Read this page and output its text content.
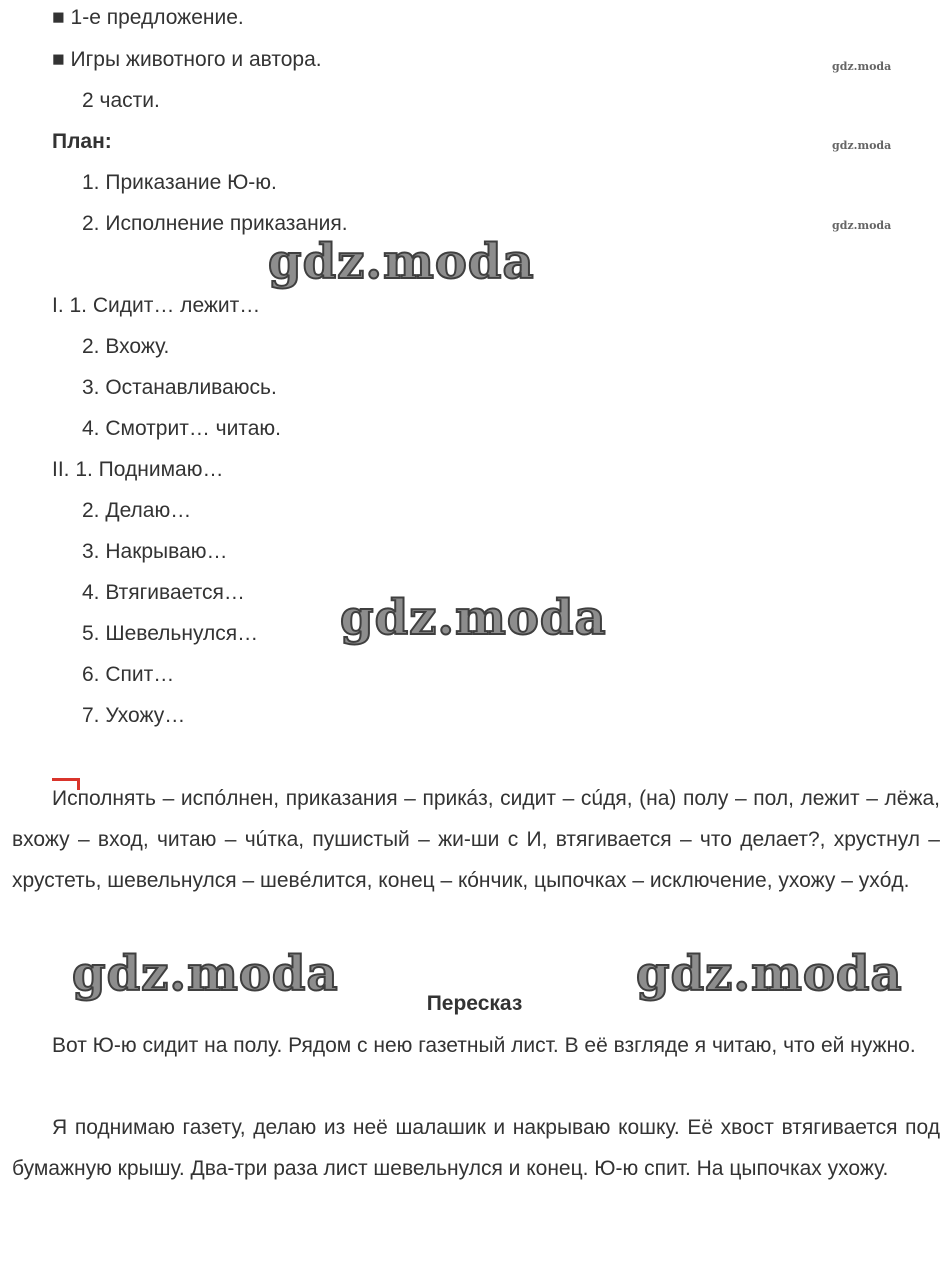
■ 1-е предложение.
■ Игры животного и автора.
2 части.
План:
1. Приказание Ю-ю.
2. Исполнение приказания.
I. 1. Сидит… лежит…
2. Вхожу.
3. Останавливаюсь.
4. Смотрит… читаю.
II. 1. Поднимаю…
2. Делаю…
3. Накрываю…
4. Втягивается…
5. Шевельнулся…
6. Спит…
7. Ухожу…
Исполнять – испóлнен, приказания – прикáз, сидит – сúдя, (на) полу – пол, лежит – лёжа, вхожу – вход, читаю – чúтка, пушистый – жи-ши с И, втягивается – что делает?, хрустнул – хрустеть, шевельнулся – шевéлится, конец – кóнчик, цыпочках – исключение, ухожу – ухóд.
Пересказ
Вот Ю-ю сидит на полу. Рядом с нею газетный лист. В её взгляде я читаю, что ей нужно.
Я поднимаю газету, делаю из неё шалашик и накрываю кошку. Её хвост втягивается под бумажную крышу. Два-три раза лист шевельнулся и конец. Ю-ю спит. На цыпочках ухожу.
gdz.moda
gdz.moda
gdz.moda
gdz.moda
gdz.moda
gdz.moda	gdz.moda
